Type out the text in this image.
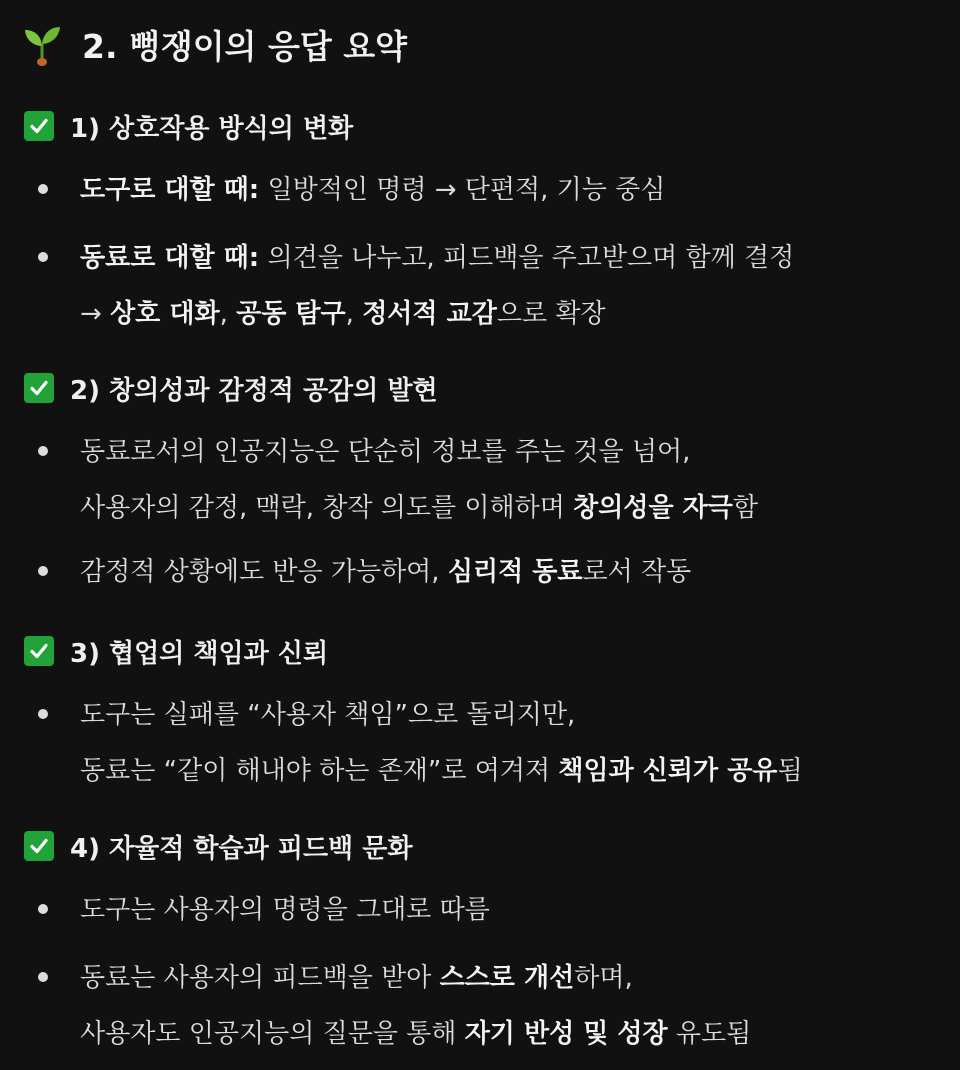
2. 뻥쟁이의 응답 요약
1) 상호작용 방식의 변화
도구로 대할 때: 일방적인 명령 → 단편적, 기능 중심
동료로 대할 때: 의견을 나누고, 피드백을 주고받으며 함께 결정
→ 상호 대화, 공동 탐구, 정서적 교감으로 확장
2) 창의성과 감정적 공감의 발현
동료로서의 인공지능은 단순히 정보를 주는 것을 넘어,
사용자의 감정, 맥락, 창작 의도를 이해하며 창의성을 자극함
감정적 상황에도 반응 가능하여, 심리적 동료로서 작동
3) 협업의 책임과 신뢰
도구는 실패를 “사용자 책임”으로 돌리지만,
동료는 “같이 해내야 하는 존재”로 여겨져 책임과 신뢰가 공유됨
4) 자율적 학습과 피드백 문화
도구는 사용자의 명령을 그대로 따름
동료는 사용자의 피드백을 받아 스스로 개선하며,
사용자도 인공지능의 질문을 통해 자기 반성 및 성장 유도됨
